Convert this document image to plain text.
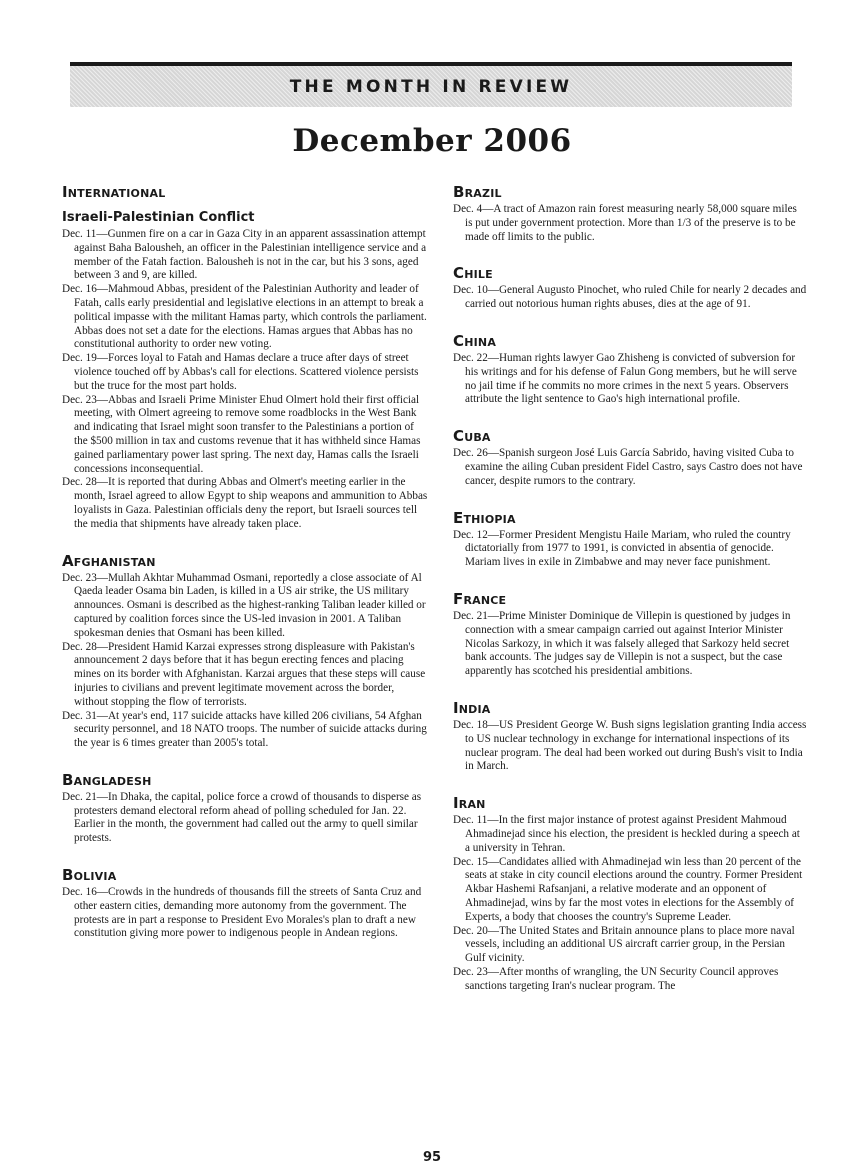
THE MONTH IN REVIEW
December 2006
International
Israeli-Palestinian Conflict

Dec. 11—Gunmen fire on a car in Gaza City in an apparent assassination attempt against Baha Balousheh, an officer in the Palestinian intelligence service and a member of the Fatah faction. Balousheh is not in the car, but his 3 sons, aged between 3 and 9, are killed.

Dec. 16—Mahmoud Abbas, president of the Palestinian Authority and leader of Fatah, calls early presidential and legislative elections in an attempt to break a political impasse with the militant Hamas party, which controls the parliament. Abbas does not set a date for the elections. Hamas argues that Abbas has no constitutional authority to order new voting.

Dec. 19—Forces loyal to Fatah and Hamas declare a truce after days of street violence touched off by Abbas's call for elections. Scattered violence persists but the truce for the most part holds.

Dec. 23—Abbas and Israeli Prime Minister Ehud Olmert hold their first official meeting, with Olmert agreeing to remove some roadblocks in the West Bank and indicating that Israel might soon transfer to the Palestinians a portion of the $500 million in tax and customs revenue that it has withheld since Hamas gained parliamentary power last spring. The next day, Hamas calls the Israeli concessions inconsequential.

Dec. 28—It is reported that during Abbas and Olmert's meeting earlier in the month, Israel agreed to allow Egypt to ship weapons and ammunition to Abbas loyalists in Gaza. Palestinian officials deny the report, but Israeli sources tell the media that shipments have already taken place.

Afghanistan

Dec. 23—Mullah Akhtar Muhammad Osmani, reportedly a close associate of Al Qaeda leader Osama bin Laden, is killed in a US air strike, the US military announces. Osmani is described as the highest-ranking Taliban leader killed or captured by coalition forces since the US-led invasion in 2001. A Taliban spokesman denies that Osmani has been killed.

Dec. 28—President Hamid Karzai expresses strong displeasure with Pakistan's announcement 2 days before that it has begun erecting fences and placing mines on its border with Afghanistan. Karzai argues that these steps will cause injuries to civilians and prevent legitimate movement across the border, without stopping the flow of terrorists.

Dec. 31—At year's end, 117 suicide attacks have killed 206 civilians, 54 Afghan security personnel, and 18 NATO troops. The number of suicide attacks during the year is 6 times greater than 2005's total.

Bangladesh

Dec. 21—In Dhaka, the capital, police force a crowd of thousands to disperse as protesters demand electoral reform ahead of polling scheduled for Jan. 22. Earlier in the month, the government had called out the army to quell similar protests.

Bolivia

Dec. 16—Crowds in the hundreds of thousands fill the streets of Santa Cruz and other eastern cities, demanding more autonomy from the government. The protests are in part a response to President Evo Morales's plan to draft a new constitution giving more power to indigenous people in Andean regions.

Brazil

Dec. 4—A tract of Amazon rain forest measuring nearly 58,000 square miles is put under government protection. More than 1/3 of the preserve is to be made off limits to the public.

Chile

Dec. 10—General Augusto Pinochet, who ruled Chile for nearly 2 decades and carried out notorious human rights abuses, dies at the age of 91.

China

Dec. 22—Human rights lawyer Gao Zhisheng is convicted of subversion for his writings and for his defense of Falun Gong members, but he will serve no jail time if he commits no more crimes in the next 5 years. Observers attribute the light sentence to Gao's high international profile.

Cuba

Dec. 26—Spanish surgeon José Luis García Sabrido, having visited Cuba to examine the ailing Cuban president Fidel Castro, says Castro does not have cancer, despite rumors to the contrary.

Ethiopia

Dec. 12—Former President Mengistu Haile Mariam, who ruled the country dictatorially from 1977 to 1991, is convicted in absentia of genocide. Mariam lives in exile in Zimbabwe and may never face punishment.

France

Dec. 21—Prime Minister Dominique de Villepin is questioned by judges in connection with a smear campaign carried out against Interior Minister Nicolas Sarkozy, in which it was falsely alleged that Sarkozy held secret bank accounts. The judges say de Villepin is not a suspect, but the case apparently has scotched his presidential ambitions.

India

Dec. 18—US President George W. Bush signs legislation granting India access to US nuclear technology in exchange for international inspections of its nuclear program. The deal had been worked out during Bush's visit to India in March.

Iran

Dec. 11—In the first major instance of protest against President Mahmoud Ahmadinejad since his election, the president is heckled during a speech at a university in Tehran.

Dec. 15—Candidates allied with Ahmadinejad win less than 20 percent of the seats at stake in city council elections around the country. Former President Akbar Hashemi Rafsanjani, a relative moderate and an opponent of Ahmadinejad, wins by far the most votes in elections for the Assembly of Experts, a body that chooses the country's Supreme Leader.

Dec. 20—The United States and Britain announce plans to place more naval vessels, including an additional US aircraft carrier group, in the Persian Gulf vicinity.

Dec. 23—After months of wrangling, the UN Security Council approves sanctions targeting Iran's nuclear program. The

95
